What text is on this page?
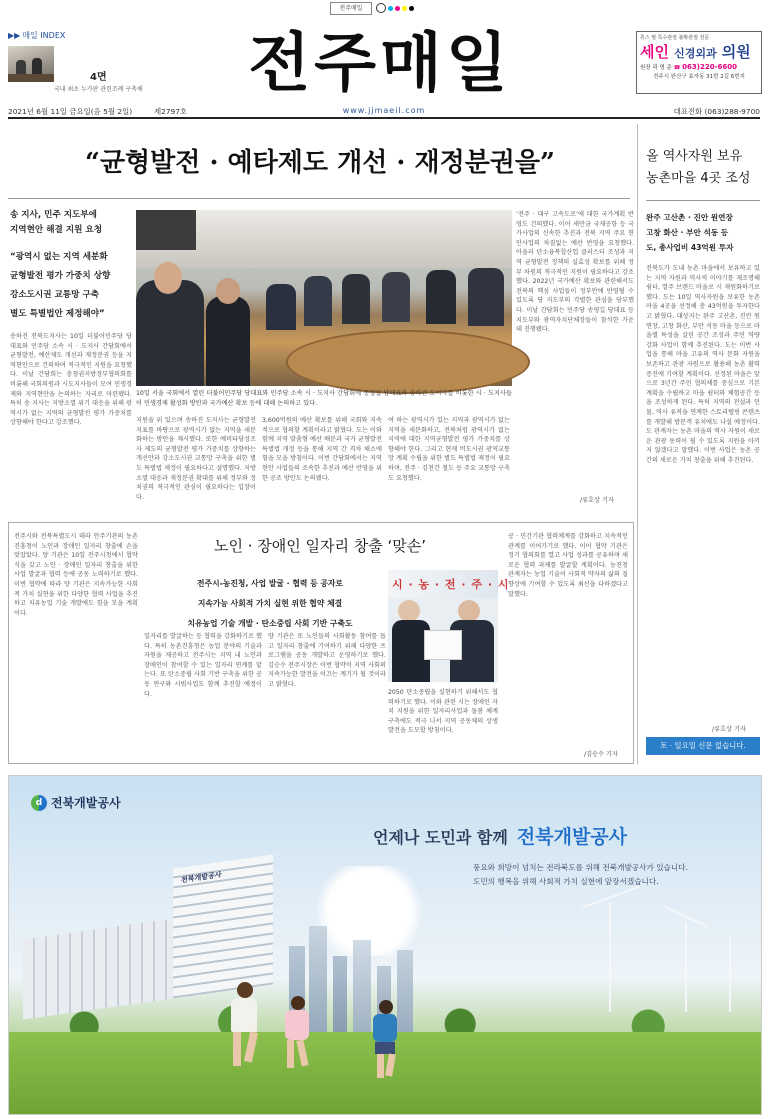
전주매일
▶▶ 매일 INDEX
4면
국내 최초 누가판 관련조례 구축해	전주매일	휴스 필 특수관절 불확관절 전문
세인 신경외과 의원
원장 곽 명 준 ☎ 063)220-6600
전주시 완산구 효자동 31번 2길 6번지
2021년 6월 11일 금요일(음 5월 2일)	제2797호	www.jjmaeil.com	대표전화 (063)288-9700
“균형발전 · 예타제도 개선 · 재정분권을”
송 지사, 민주 지도부에
지역현안 해결 지원 요청
“광역시 없는 지역 세분화
균형발전 평가 가중치 상향
강소도시권 교통망 구축
별도 특별법안 제정해야”
송하진 전북도지사는 10일 더불어민주당 당대표와 민주당 소속 시 · 도지사 간담회에서 균형발전, 예산제도 개선과 재정분권 등을 지역현안으로 건의하며 적극적인 지원을 요청했다. 이날 간담회는 충청권지방정부협의회를 비롯해 국회의원과 시도지사들이 모여 민생경제와 지역현안을 논의하는 자리로 마련됐다. 특히 송 지사는 지방소멸 위기 대응을 위해 광역시가 없는 지역의 균형발전 평가 가중치를 상향해야 한다고 강조했다.
10일 서울 국회에서 열린 더불어민주당 당대표와 민주당 소속 시 · 도지사 간담회에 송영길 당대표와 송하진 도지사를 비롯한 시 · 도지사들이 민생경제 활성화 방안과 국가예산 확보 등에 대해 논의하고 있다.
지원을 위 있으며 송하진 도지사는 균형발전 지표를 바탕으로 광역시가 없는 지역을 세분화하는 방안을 제시했다. 또한 예비타당성조사 제도의 균형발전 평가 가중치를 상향하는 개선안과 강소도시권 교통망 구축을 위한 별도 특별법 제정이 필요하다고 설명했다. 지방소멸 대응과 재정분권 확대를 위해 정부와 정치권의 적극적인 관심이 필요하다는 입장이다.
3,600억원의 예산 확보를 위해 국회와 지속적으로 협의할 계획이라고 밝혔다. 도는 이와 함께 지역 맞춤형 예산 배분과 국가 균형발전 특별법 개정 등을 통해 지역 간 격차 해소에 힘을 모을 방침이다. 이번 간담회에서는 지역 현안 사업들의 조속한 추진과 예산 반영을 위한 공조 방안도 논의됐다.
여 하는 광역시가 있는 지역과 광역시가 없는 지역을 세분화하고, 전북처럼 광역시가 없는 지역에 대한 지역균형발전 평가 가중치를 상향해야 한다. 그리고 현재 비도시권 광역교통망 계획 수립을 위한 별도 특별법 제정이 필요하며, 전주 · 김천간 철도 등 주요 교통망 구축도 요청했다.
‘전주 · 대구 고속도로’에 대한 국가계획 반영도 건의했다. 이어 새만금 국제공항 등 국가사업의 신속한 추진과 전북 지역 주요 현안사업의 차질없는 예산 반영을 요청했다. 아울러 탄소융복합산업 클러스터 조성과 지역 균형발전 정책의 실효성 확보를 위해 정부 차원의 적극적인 지원이 필요하다고 강조했다. 2022년 국가예산 확보와 관련해서도 전북의 핵심 사업들이 정부안에 반영될 수 있도록 당 지도부의 각별한 관심을 당부했다. 이날 간담회는 민주당 송영길 당대표 등 지도부와 광역자치단체장들이 참석한 가운데 진행됐다.
/류호상 기자
올 역사자원 보유
농촌마을 4곳 조성
완주 고산촌 · 진안 원연장
고창 화산 · 부안 석동 등
도, 총사업비 43억원 투자
전북도가 도내 농촌 마을에서 보유하고 있는 지역 자원과 역사적 이야기를 재조명해 쉼터, 열주 브랜드 마을로 시 재원화하기로 했다. 도는 10일 역사자원을 보유한 농촌 마을 4곳을 선정해 총 43억원을 투자한다고 밝혔다. 대상지는 완주 고산촌, 진안 원연장, 고창 화산, 부안 석동 마을 등으로 마을별 특성을 살린 공간 조성과 주민 역량 강화 사업이 함께 추진된다. 도는 이번 사업을 통해 마을 고유의 역사 문화 자원을 보존하고 관광 자원으로 활용해 농촌 활력 증진에 기여할 계획이다. 선정된 마을은 앞으로 3년간 주민 협의체를 중심으로 기본계획을 수립하고 마을 쉼터와 체험공간 등을 조성하게 된다. 특히 지역의 전설과 인물, 역사 유적을 연계한 스토리텔링 콘텐츠를 개발해 방문객 유치에도 나설 예정이다. 도 관계자는 농촌 마을의 역사 자원이 새로운 관광 동력이 될 수 있도록 지원을 아끼지 않겠다고 말했다. 이번 사업은 농촌 공간의 새로운 가치 창출을 위해 추진된다.
/류호상 기자
토 · 일요일 신문 없습니다.
노인 · 장애인 일자리 창출 ‘맞손’
전주시-농진청, 사업 발굴 · 협력 등 공자로
지속가능 사회적 가치 실현 위한 협약 체결
치유농업 기술 개발 · 탄소중립 사회 기반 구축도
전주시와 전북특별도시 데라 안주기관의 농촌진흥청이 노인과 장애인 일자리 창출에 손을 맞잡았다. 양 기관은 10일 전주시청에서 협약식을 갖고 노인 · 장애인 일자리 창출을 위한 사업 발굴과 협력 등에 공동 노력하기로 했다. 이번 협약에 따라 양 기관은 지속가능한 사회적 가치 실현을 위한 다양한 협력 사업을 추진하고 치유농업 기술 개발에도 힘을 모을 계획이다.
일자리를 발굴하는 등 협력을 강화하기로 했다. 특히 농촌진흥청은 농업 분야의 기술과 자원을 제공하고 전주시는 지역 내 노인과 장애인이 참여할 수 있는 일자리 연계를 맡는다. 또 탄소중립 사회 기반 구축을 위한 공동 연구와 시범사업도 함께 추진할 예정이다.
양 기관은 또 노인들의 사회활동 참여를 돕고 일자리 창출에 기여하기 위해 다양한 프로그램을 공동 개발하고 운영하기로 했다. 김승수 전주시장은 이번 협약이 지역 사회의 지속가능한 발전을 이끄는 계기가 될 것이라고 밝혔다.
시 · 농 · 전 · 주 · 시
2050 탄소중립을 실현하기 위해서도 협력하기로 했다. 이와 관련 시는 장애인 자치 지원을 위한 일자리사업과 돌봄 체계 구축에도 적극 나서 지역 공동체의 상생 발전을 도모할 방침이다.
공 · 민간기관 협력체계를 강화하고 지속적인 관계를 이어가기로 했다. 이어 협약 기관은 정기 협의회를 열고 사업 성과를 공유하며 새로운 협력 과제를 발굴할 계획이다. 농진청 관계자는 농업 기술이 사회적 약자의 삶의 질 향상에 기여할 수 있도록 최선을 다하겠다고 말했다.
/김승수 기자
d 전북개발공사
언제나 도민과 함께 전북개발공사
풍요와 희망이 넘치는 전라북도를 위해 전북개발공사가 있습니다.
도민의 행복을 위해 사회적 가치 실현에 앞장서겠습니다.
전북개발공사
